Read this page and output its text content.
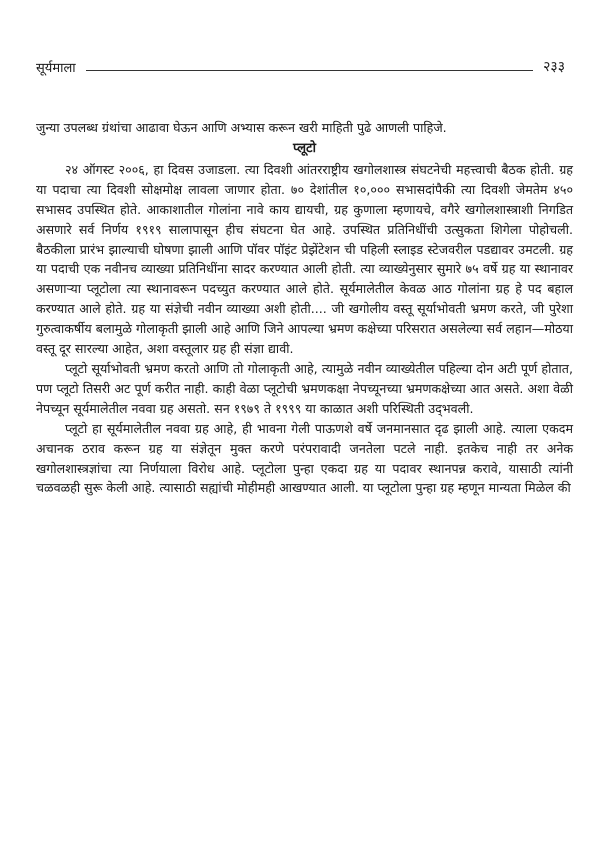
सूर्यमाला	२३३

जुन्या उपलब्ध ग्रंथांचा आढावा घेऊन आणि अभ्यास करून खरी माहिती पुढे आणली पाहिजे.

प्लूटो

२४ ऑगस्ट २००६, हा दिवस उजाडला. त्या दिवशी आंतरराष्ट्रीय खगोलशास्त्र संघटनेची महत्त्वाची बैठक होती. ग्रह या पदाचा त्या दिवशी सोक्षमोक्ष लावला जाणार होता. ७० देशांतील १०,००० सभासदांपैकी त्या दिवशी जेमतेम ४५० सभासद उपस्थित होते. आकाशातील गोलांना नावे काय द्यायची, ग्रह कुणाला म्हणायचे, वगैरे खगोलशास्त्राशी निगडित असणारे सर्व निर्णय १९१९ सालापासून हीच संघटना घेत आहे. उपस्थित प्रतिनिधींची उत्सुकता शिगेला पोहोचली. बैठकीला प्रारंभ झाल्याची घोषणा झाली आणि पॉवर पॉइंट प्रेझेंटेशन ची पहिली स्लाइड स्टेजवरील पडद्यावर उमटली. ग्रह या पदाची एक नवीनच व्याख्या प्रतिनिधींना सादर करण्यात आली होती. त्या व्याख्येनुसार सुमारे ७५ वर्षे ग्रह या स्थानावर असणाऱ्या प्लूटोला त्या स्थानावरून पदच्युत करण्यात आले होते. सूर्यमालेतील केवळ आठ गोलांना ग्रह हे पद बहाल करण्यात आले होते. ग्रह या संज्ञेची नवीन व्याख्या अशी होती.... जी खगोलीय वस्तू सूर्याभोवती भ्रमण करते, जी पुरेशा गुरुत्वाकर्षीय बलामुळे गोलाकृती झाली आहे आणि जिने आपल्या भ्रमण कक्षेच्या परिसरात असलेल्या सर्व लहान—मोठया वस्तू दूर सारल्या आहेत, अशा वस्तूलार ग्रह ही संज्ञा द्यावी.

प्लूटो सूर्याभोवती भ्रमण करतो आणि तो गोलाकृती आहे, त्यामुळे नवीन व्याख्येतील पहिल्या दोन अटी पूर्ण होतात, पण प्लूटो तिसरी अट पूर्ण करीत नाही. काही वेळा प्लूटोची भ्रमणकक्षा नेपच्यूनच्या भ्रमणकक्षेच्या आत असते. अशा वेळी नेपच्यून सूर्यमालेतील नववा ग्रह असतो. सन १९७९ ते १९९९ या काळात अशी परिस्थिती उद्‌भवली.

प्लूटो हा सूर्यमालेतील नववा ग्रह आहे, ही भावना गेली पाऊणशे वर्षे जनमानसात दृढ झाली आहे. त्याला एकदम अचानक ठराव करून ग्रह या संज्ञेतून मुक्त करणे परंपरावादी जनतेला पटले नाही. इतकेच नाही तर अनेक खगोलशास्त्रज्ञांचा त्या निर्णयाला विरोध आहे. प्लूटोला पुन्हा एकदा ग्रह या पदावर स्थानपन्न करावे, यासाठी त्यांनी चळवळही सुरू केली आहे. त्यासाठी सह्यांची मोहीमही आखण्यात आली. या प्लूटोला पुन्हा ग्रह म्हणून मान्यता मिळेल की
